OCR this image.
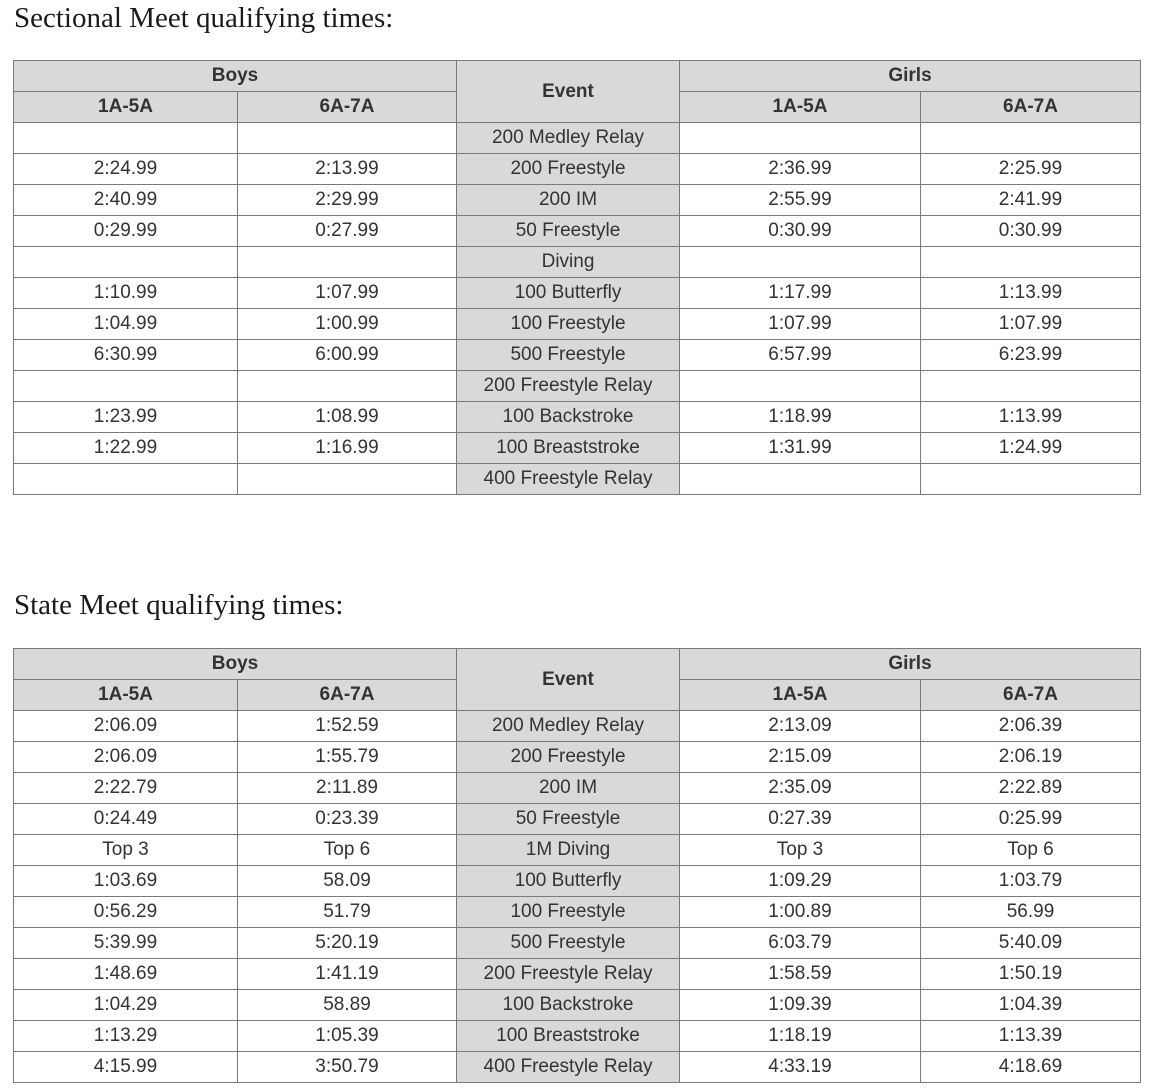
Sectional Meet qualifying times:
Boys		Event	Girls	
1A-5A	6A-7A		1A-5A	6A-7A
		200 Medley Relay		
2:24.99	2:13.99	200 Freestyle	2:36.99	2:25.99
2:40.99	2:29.99	200 IM	2:55.99	2:41.99
0:29.99	0:27.99	50 Freestyle	0:30.99	0:30.99
		Diving		
1:10.99	1:07.99	100 Butterfly	1:17.99	1:13.99
1:04.99	1:00.99	100 Freestyle	1:07.99	1:07.99
6:30.99	6:00.99	500 Freestyle	6:57.99	6:23.99
		200 Freestyle Relay		
1:23.99	1:08.99	100 Backstroke	1:18.99	1:13.99
1:22.99	1:16.99	100 Breaststroke	1:31.99	1:24.99
		400 Freestyle Relay		
State Meet qualifying times:
Boys		Event	Girls	
1A-5A	6A-7A		1A-5A	6A-7A
2:06.09	1:52.59	200 Medley Relay	2:13.09	2:06.39
2:06.09	1:55.79	200 Freestyle	2:15.09	2:06.19
2:22.79	2:11.89	200 IM	2:35.09	2:22.89
0:24.49	0:23.39	50 Freestyle	0:27.39	0:25.99
Top 3	Top 6	1M Diving	Top 3	Top 6
1:03.69	58.09	100 Butterfly	1:09.29	1:03.79
0:56.29	51.79	100 Freestyle	1:00.89	56.99
5:39.99	5:20.19	500 Freestyle	6:03.79	5:40.09
1:48.69	1:41.19	200 Freestyle Relay	1:58.59	1:50.19
1:04.29	58.89	100 Backstroke	1:09.39	1:04.39
1:13.29	1:05.39	100 Breaststroke	1:18.19	1:13.39
4:15.99	3:50.79	400 Freestyle Relay	4:33.19	4:18.69
